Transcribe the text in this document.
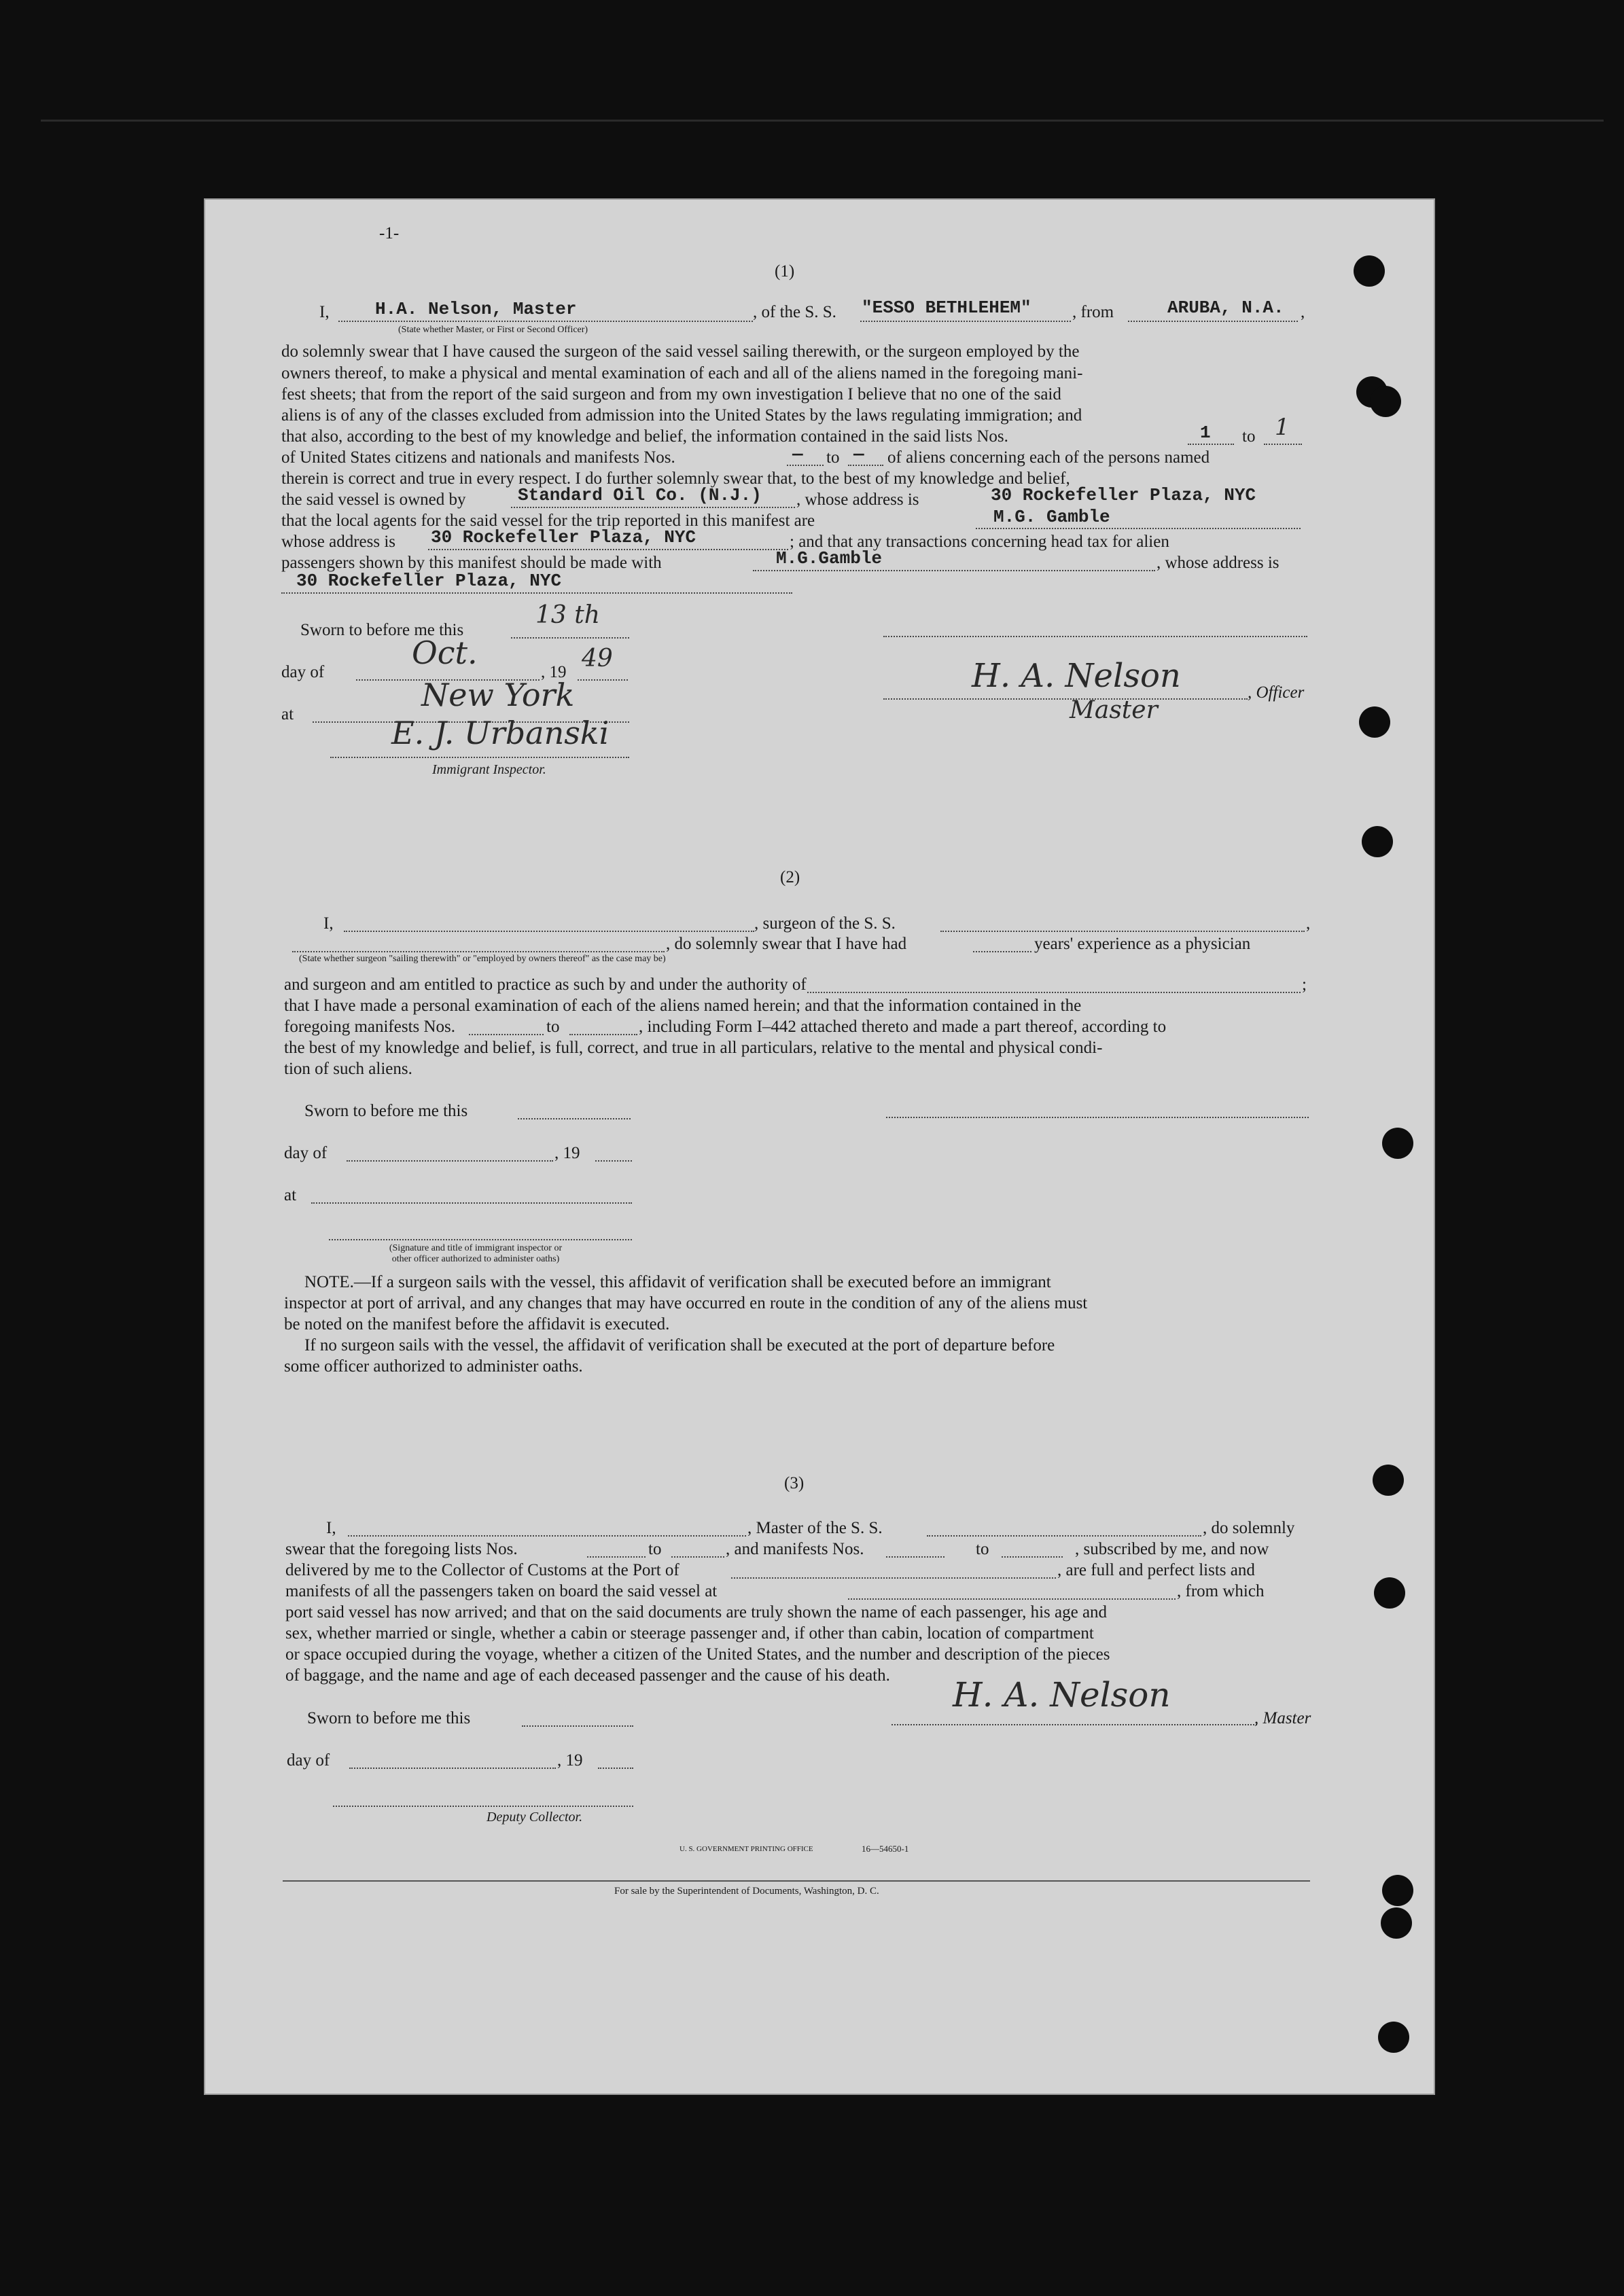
-1-
(1)
I,	H.A. Nelson, Master
(State whether Master, or First or Second Officer)
, of the S. S. "ESSO BETHLEHEM" , from	ARUBA, N.A. ,
do solemnly swear that I have caused the surgeon of the said vessel sailing therewith, or the surgeon employed by the
owners thereof, to make a physical and mental examination of each and all of the aliens named in the foregoing mani-
fest sheets; that from the report of the said surgeon and from my own investigation I believe that no one of the said
aliens is of any of the classes excluded from admission into the United States by the laws regulating immigration; and
that also, according to the best of my knowledge and belief, the information contained in the said lists Nos.	1 to 1
of United States citizens and nationals and manifests Nos.	— to — of aliens concerning each of the persons named
therein is correct and true in every respect. I do further solemnly swear that, to the best of my knowledge and belief,
the said vessel is owned by	Standard Oil Co. (N.J.) , whose address is	30 Rockefeller Plaza, NYC
that the local agents for the said vessel for the trip reported in this manifest are	M.G. Gamble
whose address is 30 Rockefeller Plaza, NYC	; and that any transactions concerning head tax for alien
passengers shown by this manifest should be made with	M.G.Gamble	, whose address is
30 Rockefeller Plaza, NYC
Sworn to before me this
13 th
day of
Oct.
, 19 49
at
New York
E. J. Urbanski
Immigrant Inspector.
H. A. Nelson
Master
, Officer
(2)
I,	, surgeon of the S. S.	,
, do solemnly swear that I have had	years' experience as a physician
(State whether surgeon "sailing therewith" or "employed by owners thereof" as the case may be)
and surgeon and am entitled to practice as such by and under the authority of	;
that I have made a personal examination of each of the aliens named herein; and that the information contained in the
foregoing manifests Nos.	to	, including Form I–442 attached thereto and made a part thereof, according to
the best of my knowledge and belief, is full, correct, and true in all particulars, relative to the mental and physical condi-
tion of such aliens.
Sworn to before me this
day of	, 19
at
(Signature and title of immigrant inspector or
other officer authorized to administer oaths)
NOTE.—If a surgeon sails with the vessel, this affidavit of verification shall be executed before an immigrant
inspector at port of arrival, and any changes that may have occurred en route in the condition of any of the aliens must
be noted on the manifest before the affidavit is executed.
If no surgeon sails with the vessel, the affidavit of verification shall be executed at the port of departure before
some officer authorized to administer oaths.
(3)
I,	, Master of the S. S.	, do solemnly
swear that the foregoing lists Nos.	to	, and manifests Nos.	to	, subscribed by me, and now
delivered by me to the Collector of Customs at the Port of	, are full and perfect lists and
manifests of all the passengers taken on board the said vessel at	, from which
port said vessel has now arrived; and that on the said documents are truly shown the name of each passenger, his age and
sex, whether married or single, whether a cabin or steerage passenger and, if other than cabin, location of compartment
or space occupied during the voyage, whether a citizen of the United States, and the number and description of the pieces
of baggage, and the name and age of each deceased passenger and the cause of his death.
Sworn to before me this
H. A. Nelson
, Master
day of	, 19
Deputy Collector.
U. S. GOVERNMENT PRINTING OFFICE	16—54650-1
For sale by the Superintendent of Documents, Washington, D. C.
